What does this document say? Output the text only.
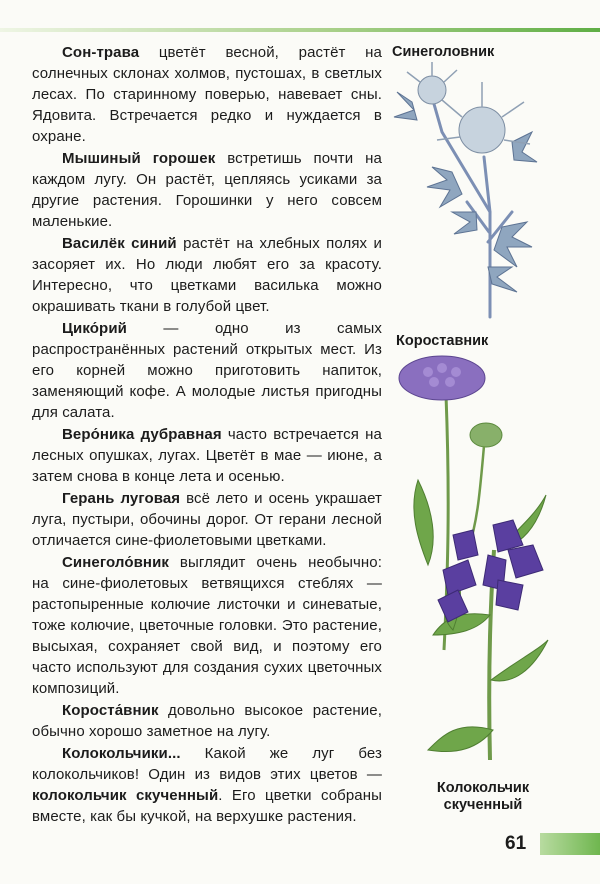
Сон-трава цветёт весной, растёт на солнечных склонах холмов, пустошах, в светлых лесах. По старинному поверью, навевает сны. Ядовита. Встречается редко и нуждается в охране.

Мышиный горошек встретишь почти на каждом лугу. Он растёт, цепляясь усиками за другие растения. Горошинки у него совсем маленькие.

Василёк синий растёт на хлебных полях и засоряет их. Но люди любят его за красоту. Интересно, что цветками василька можно окрашивать ткани в голубой цвет.

Цико́рий — одно из самых распространённых растений открытых мест. Из его корней можно приготовить напиток, заменяющий кофе. А молодые листья пригодны для салата.

Веро́ника дубравная часто встречается на лесных опушках, лугах. Цветёт в мае — июне, а затем снова в конце лета и осенью.

Герань луговая всё лето и осень украшает луга, пустыри, обочины дорог. От герани лесной отличается сине-фиолетовыми цветками.

Синеголо́вник выглядит очень необычно: на сине-фиолетовых ветвящихся стеблях — растопыренные колючие листочки и синеватые, тоже колючие, цветочные головки. Это растение, высыхая, сохраняет свой вид, и поэтому его часто используют для создания сухих цветочных композиций.

Короста́вник довольно высокое растение, обычно хорошо заметное на лугу.

Колокольчики... Какой же луг без колокольчиков! Один из видов этих цветов — колокольчик скученный. Его цветки собраны вместе, как бы кучкой, на верхушке растения.

Синеголовник
Короставник
Колокольчик скученный
61
